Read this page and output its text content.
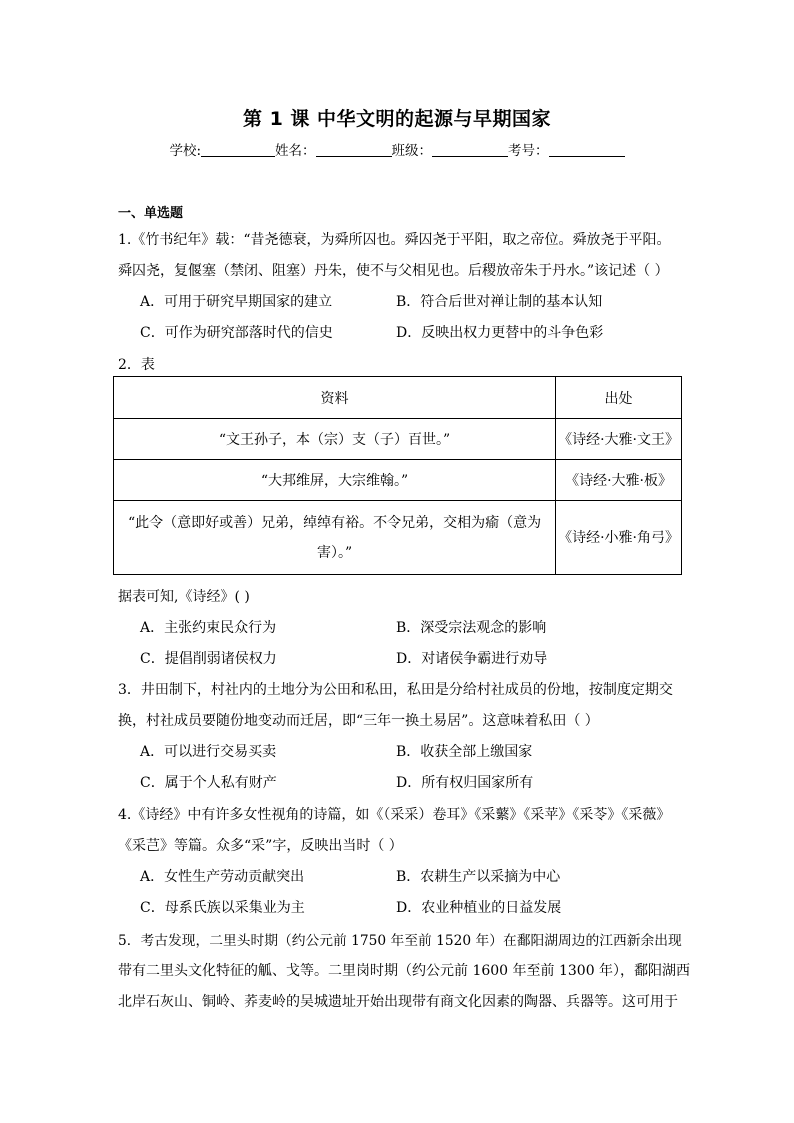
第 1 课 中华文明的起源与早期国家
学校:	姓名：	班级：	考号：
一、单选题
1.《竹书纪年》载：“昔尧德衰，为舜所囚也。舜囚尧于平阳，取之帝位。舜放尧于平阳。
舜囚尧，复偃塞（禁闭、阻塞）丹朱，使不与父相见也。后稷放帝朱于丹水。”该记述（ ）
A．可用于研究早期国家的建立	B．符合后世对禅让制的基本认知
C．可作为研究部落时代的信史	D．反映出权力更替中的斗争色彩
2．表
资料	出处
“文王孙子，本（宗）支（子）百世。”	《诗经·大雅·文王》
“大邦维屏，大宗维翰。”	《诗经·大雅·板》
“此令（意即好或善）兄弟，绰绰有裕。不令兄弟，交相为瘉（意为害）。”	《诗经·小雅·角弓》
据表可知,《诗经》( )
A．主张约束民众行为	B．深受宗法观念的影响
C．提倡削弱诸侯权力	D．对诸侯争霸进行劝导
3．井田制下，村社内的土地分为公田和私田，私田是分给村社成员的份地，按制度定期交
换，村社成员要随份地变动而迁居，即“三年一换土易居”。这意味着私田（ ）
A．可以进行交易买卖	B．收获全部上缴国家
C．属于个人私有财产	D．所有权归国家所有
4.《诗经》中有许多女性视角的诗篇，如《（采采）卷耳》《采蘩》《采苹》《采苓》《采薇》
《采芑》等篇。众多“采”字，反映出当时（ ）
A．女性生产劳动贡献突出	B．农耕生产以采摘为中心
C．母系氏族以采集业为主	D．农业种植业的日益发展
5．考古发现，二里头时期（约公元前 1750 年至前 1520 年）在鄱阳湖周边的江西新余出现
带有二里头文化特征的觚、戈等。二里岗时期（约公元前 1600 年至前 1300 年），鄱阳湖西
北岸石灰山、铜岭、荞麦岭的吴城遗址开始出现带有商文化因素的陶器、兵器等。这可用于
